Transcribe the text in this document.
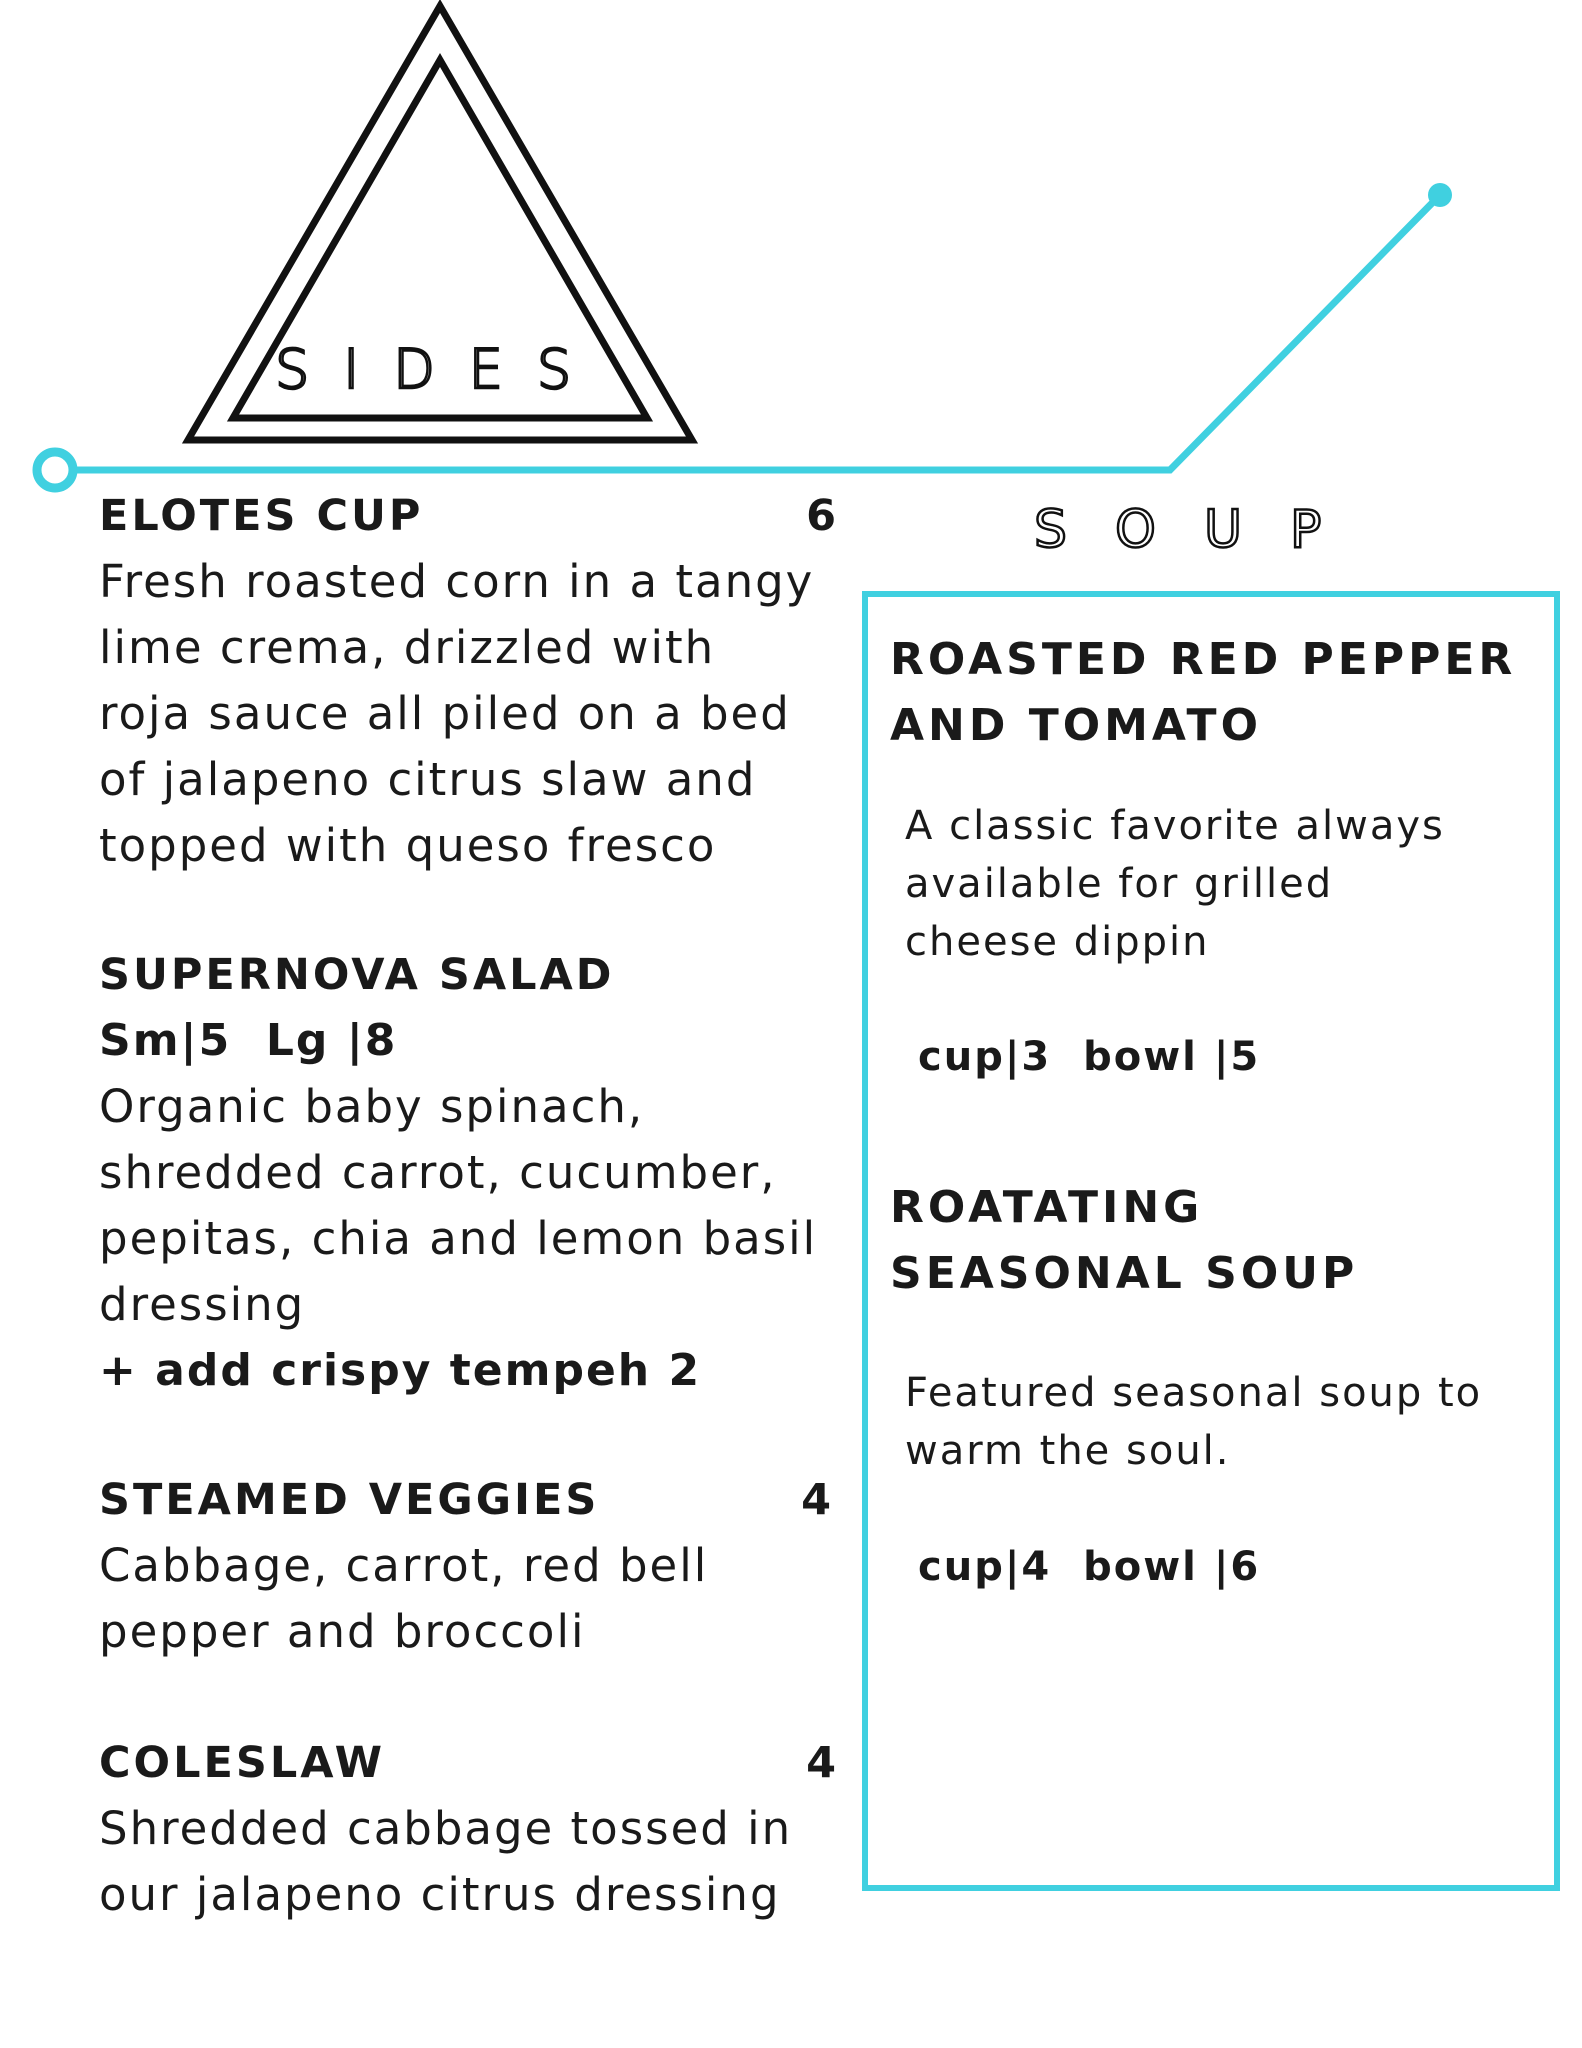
SIDES
SOUP
ELOTES CUP	6
Fresh roasted corn in a tangy
lime crema, drizzled with
roja sauce all piled on a bed
of jalapeno citrus slaw and
topped with queso fresco
SUPERNOVA SALAD
Sm|5  Lg |8
Organic baby spinach,
shredded carrot, cucumber,
pepitas, chia and lemon basil
dressing
+ add crispy tempeh 2
STEAMED VEGGIES	4
Cabbage, carrot, red bell
pepper and broccoli
COLESLAW	4
Shredded cabbage tossed in
our jalapeno citrus dressing
ROASTED RED PEPPER
AND TOMATO
A classic favorite always
available for grilled
cheese dippin
cup|3  bowl |5
ROATATING
SEASONAL SOUP
Featured seasonal soup to
warm the soul.
cup|4  bowl |6
